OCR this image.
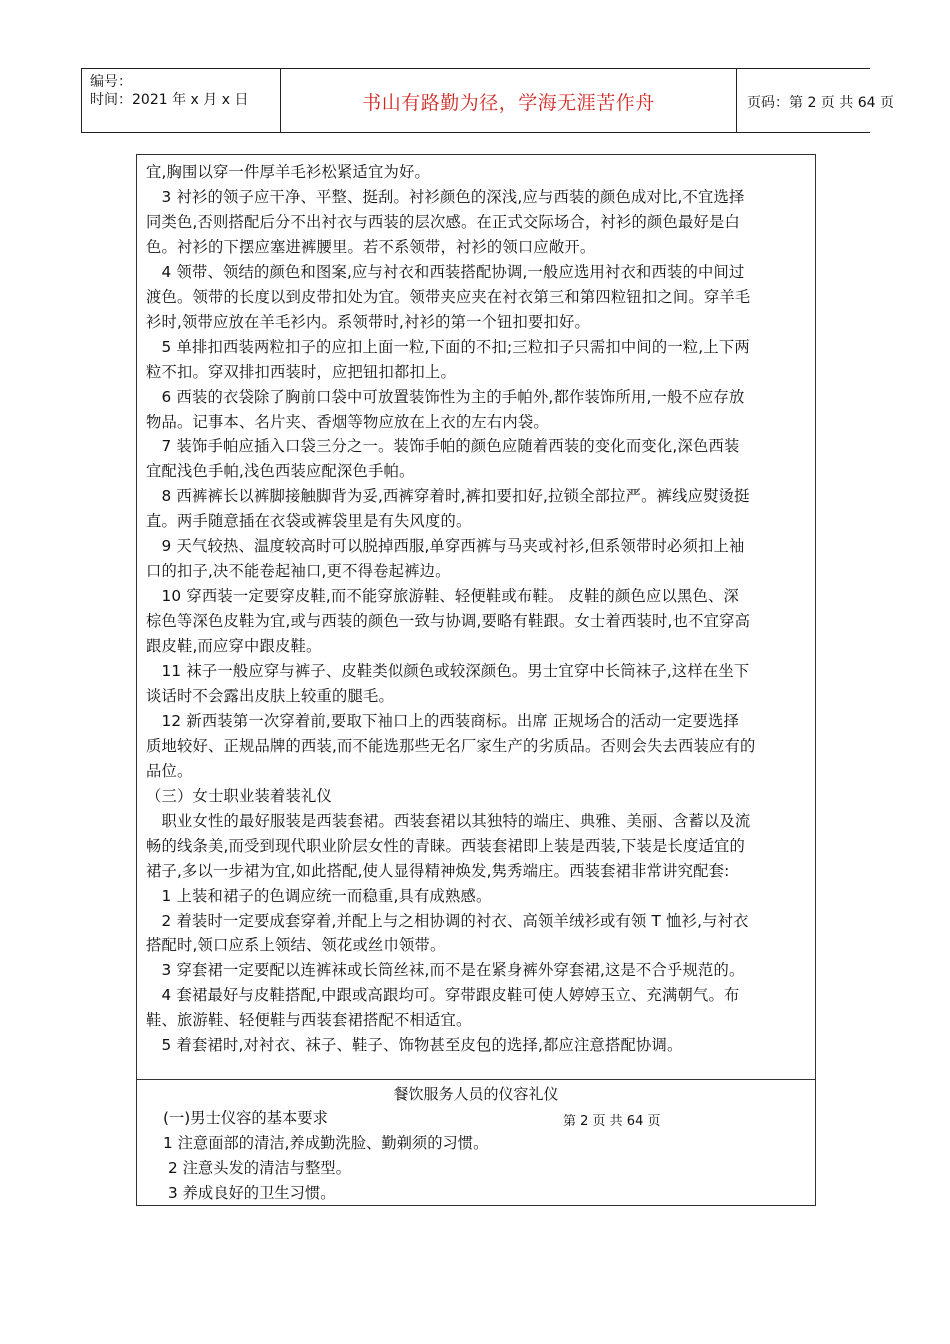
编号：
时间：2021 年 x 月 x 日	书山有路勤为径，学海无涯苦作舟	页码：第 2 页 共 64 页
宜,胸围以穿一件厚羊毛衫松紧适宜为好。
　3 衬衫的领子应干净、平整、挺刮。衬衫颜色的深浅,应与西装的颜色成对比,不宜选择
同类色,否则搭配后分不出衬衣与西装的层次感。在正式交际场合，衬衫的颜色最好是白
色。衬衫的下摆应塞进裤腰里。若不系领带，衬衫的领口应敞开。
　4 领带、领结的颜色和图案,应与衬衣和西装搭配协调,一般应选用衬衣和西装的中间过
渡色。领带的长度以到皮带扣处为宜。领带夹应夹在衬衣第三和第四粒钮扣之间。穿羊毛
衫时,领带应放在羊毛衫内。系领带时,衬衫的第一个钮扣要扣好。
　5 单排扣西装两粒扣子的应扣上面一粒,下面的不扣;三粒扣子只需扣中间的一粒,上下两
粒不扣。穿双排扣西装时，应把钮扣都扣上。
　6 西装的衣袋除了胸前口袋中可放置装饰性为主的手帕外,都作装饰所用,一般不应存放
物品。记事本、名片夹、香烟等物应放在上衣的左右内袋。
　7 装饰手帕应插入口袋三分之一。装饰手帕的颜色应随着西装的变化而变化,深色西装
宜配浅色手帕,浅色西装应配深色手帕。
　8 西裤裤长以裤脚接触脚背为妥,西裤穿着时,裤扣要扣好,拉锁全部拉严。裤线应熨烫挺
直。两手随意插在衣袋或裤袋里是有失风度的。
　9 天气较热、温度较高时可以脱掉西服,单穿西裤与马夹或衬衫,但系领带时必须扣上袖
口的扣子,决不能卷起袖口,更不得卷起裤边。
　10 穿西装一定要穿皮鞋,而不能穿旅游鞋、轻便鞋或布鞋。 皮鞋的颜色应以黑色、深
棕色等深色皮鞋为宜,或与西装的颜色一致与协调,要略有鞋跟。女士着西装时,也不宜穿高
跟皮鞋,而应穿中跟皮鞋。
　11 袜子一般应穿与裤子、皮鞋类似颜色或较深颜色。男士宜穿中长筒袜子,这样在坐下
谈话时不会露出皮肤上较重的腿毛。
　12 新西装第一次穿着前,要取下袖口上的西装商标。出席 正规场合的活动一定要选择
质地较好、正规品牌的西装,而不能选那些无名厂家生产的劣质品。否则会失去西装应有的
品位。
（三）女士职业装着装礼仪
　职业女性的最好服装是西装套裙。西装套裙以其独特的端庄、典雅、美丽、含蓄以及流
畅的线条美,而受到现代职业阶层女性的青睐。西装套裙即上装是西装,下装是长度适宜的
裙子,多以一步裙为宜,如此搭配,使人显得精神焕发,隽秀端庄。西装套裙非常讲究配套:
　1 上装和裙子的色调应统一而稳重,具有成熟感。
　2 着装时一定要成套穿着,并配上与之相协调的衬衣、高领羊绒衫或有领 T 恤衫,与衬衣
搭配时,领口应系上领结、领花或丝巾领带。
　3 穿套裙一定要配以连裤袜或长筒丝袜,而不是在紧身裤外穿套裙,这是不合乎规范的。
　4 套裙最好与皮鞋搭配,中跟或高跟均可。穿带跟皮鞋可使人婷婷玉立、充满朝气。布
鞋、旅游鞋、轻便鞋与西装套裙搭配不相适宜。
　5 着套裙时,对衬衣、袜子、鞋子、饰物甚至皮包的选择,都应注意搭配协调。
餐饮服务人员的仪容礼仪
(一)男士仪容的基本要求	第 2 页 共 64 页
1 注意面部的清洁,养成勤洗脸、勤剃须的习惯。
2 注意头发的清洁与整型。
3 养成良好的卫生习惯。
